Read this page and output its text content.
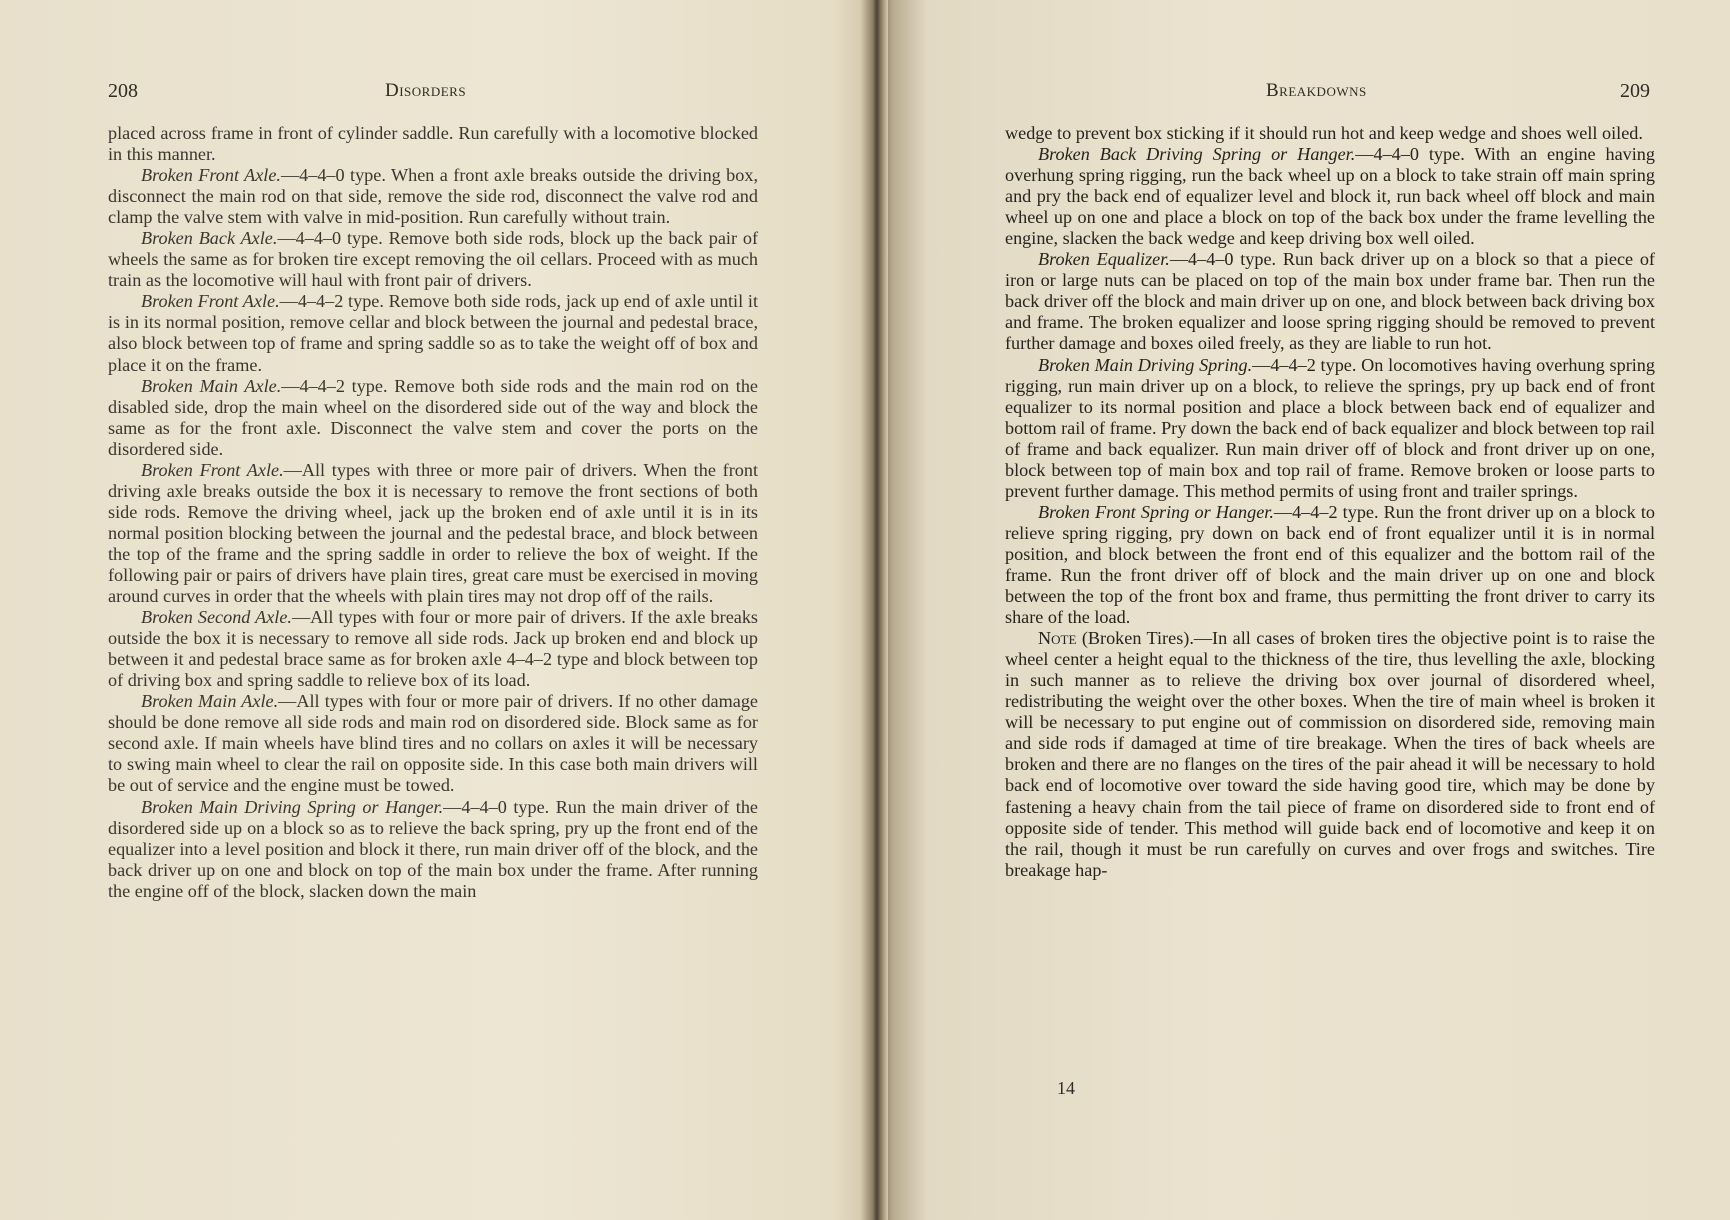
208	Disorders

placed across frame in front of cylinder saddle. Run carefully with a locomotive blocked in this manner.

Broken Front Axle.—4–4–0 type. When a front axle breaks outside the driving box, disconnect the main rod on that side, remove the side rod, disconnect the valve rod and clamp the valve stem with valve in mid-position. Run carefully without train.

Broken Back Axle.—4–4–0 type. Remove both side rods, block up the back pair of wheels the same as for broken tire except removing the oil cellars. Proceed with as much train as the locomotive will haul with front pair of drivers.

Broken Front Axle.—4–4–2 type. Remove both side rods, jack up end of axle until it is in its normal position, remove cellar and block between the journal and pedestal brace, also block between top of frame and spring saddle so as to take the weight off of box and place it on the frame.

Broken Main Axle.—4–4–2 type. Remove both side rods and the main rod on the disabled side, drop the main wheel on the disordered side out of the way and block the same as for the front axle. Disconnect the valve stem and cover the ports on the disordered side.

Broken Front Axle.—All types with three or more pair of drivers. When the front driving axle breaks outside the box it is necessary to remove the front sections of both side rods. Remove the driving wheel, jack up the broken end of axle until it is in its normal position blocking between the journal and the pedestal brace, and block between the top of the frame and the spring saddle in order to relieve the box of weight. If the following pair or pairs of drivers have plain tires, great care must be exercised in moving around curves in order that the wheels with plain tires may not drop off of the rails.

Broken Second Axle.—All types with four or more pair of drivers. If the axle breaks outside the box it is necessary to remove all side rods. Jack up broken end and block up between it and pedestal brace same as for broken axle 4–4–2 type and block between top of driving box and spring saddle to relieve box of its load.

Broken Main Axle.—All types with four or more pair of drivers. If no other damage should be done remove all side rods and main rod on disordered side. Block same as for second axle. If main wheels have blind tires and no collars on axles it will be necessary to swing main wheel to clear the rail on opposite side. In this case both main drivers will be out of service and the engine must be towed.

Broken Main Driving Spring or Hanger.—4–4–0 type. Run the main driver of the disordered side up on a block so as to relieve the back spring, pry up the front end of the equalizer into a level position and block it there, run main driver off of the block, and the back driver up on one and block on top of the main box under the frame. After running the engine off of the block, slacken down the main

Breakdowns	209

wedge to prevent box sticking if it should run hot and keep wedge and shoes well oiled.

Broken Back Driving Spring or Hanger.—4–4–0 type. With an engine having overhung spring rigging, run the back wheel up on a block to take strain off main spring and pry the back end of equalizer level and block it, run back wheel off block and main wheel up on one and place a block on top of the back box under the frame levelling the engine, slacken the back wedge and keep driving box well oiled.

Broken Equalizer.—4–4–0 type. Run back driver up on a block so that a piece of iron or large nuts can be placed on top of the main box under frame bar. Then run the back driver off the block and main driver up on one, and block between back driving box and frame. The broken equalizer and loose spring rigging should be removed to prevent further damage and boxes oiled freely, as they are liable to run hot.

Broken Main Driving Spring.—4–4–2 type. On locomotives having overhung spring rigging, run main driver up on a block, to relieve the springs, pry up back end of front equalizer to its normal position and place a block between back end of equalizer and bottom rail of frame. Pry down the back end of back equalizer and block between top rail of frame and back equalizer. Run main driver off of block and front driver up on one, block between top of main box and top rail of frame. Remove broken or loose parts to prevent further damage. This method permits of using front and trailer springs.

Broken Front Spring or Hanger.—4–4–2 type. Run the front driver up on a block to relieve spring rigging, pry down on back end of front equalizer until it is in normal position, and block between the front end of this equalizer and the bottom rail of the frame. Run the front driver off of block and the main driver up on one and block between the top of the front box and frame, thus permitting the front driver to carry its share of the load.

Note (Broken Tires).—In all cases of broken tires the objective point is to raise the wheel center a height equal to the thickness of the tire, thus levelling the axle, blocking in such manner as to relieve the driving box over journal of disordered wheel, redistributing the weight over the other boxes. When the tire of main wheel is broken it will be necessary to put engine out of commission on disordered side, removing main and side rods if damaged at time of tire breakage. When the tires of back wheels are broken and there are no flanges on the tires of the pair ahead it will be necessary to hold back end of locomotive over toward the side having good tire, which may be done by fastening a heavy chain from the tail piece of frame on disordered side to front end of opposite side of tender. This method will guide back end of locomotive and keep it on the rail, though it must be run carefully on curves and over frogs and switches. Tire breakage hap-

14
